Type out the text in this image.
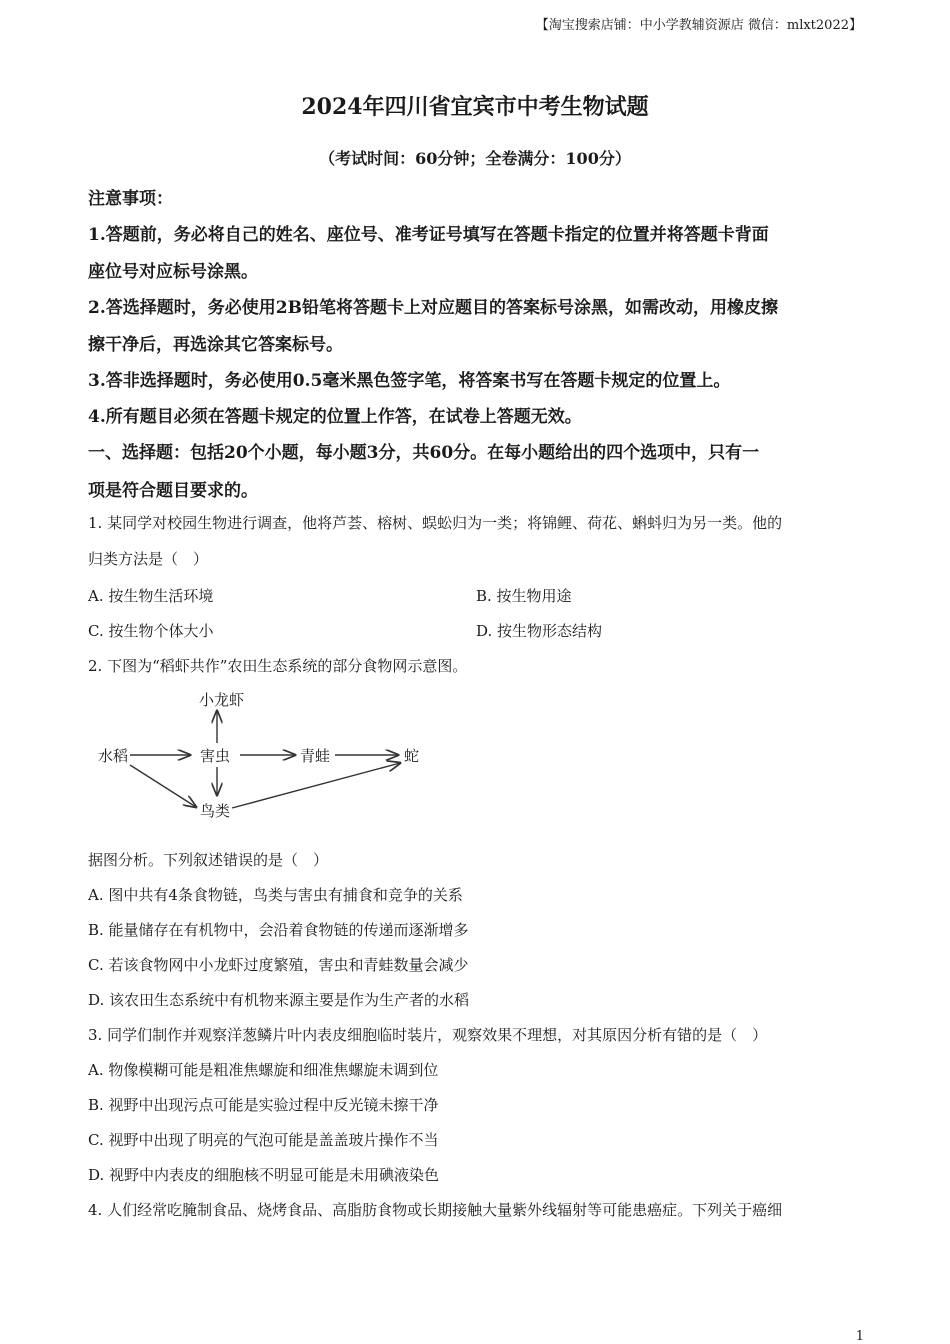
【淘宝搜索店铺：中小学教辅资源店 微信：mlxt2022】
2024年四川省宜宾市中考生物试题
（考试时间：60分钟；全卷满分：100分）
注意事项：
1.答题前，务必将自己的姓名、座位号、准考证号填写在答题卡指定的位置并将答题卡背面
座位号对应标号涂黑。
2.答选择题时，务必使用2B铅笔将答题卡上对应题目的答案标号涂黑，如需改动，用橡皮擦
擦干净后，再选涂其它答案标号。
3.答非选择题时，务必使用0.5毫米黑色签字笔，将答案书写在答题卡规定的位置上。
4.所有题目必须在答题卡规定的位置上作答，在试卷上答题无效。
一、选择题：包括20个小题，每小题3分，共60分。在每小题给出的四个选项中，只有一
项是符合题目要求的。
1. 某同学对校园生物进行调查，他将芦荟、榕树、蜈蚣归为一类；将锦鲤、荷花、蝌蚪归为另一类。他的
归类方法是（　）
A. 按生物生活环境	B. 按生物用途
C. 按生物个体大小	D. 按生物形态结构
2. 下图为“稻虾共作”农田生态系统的部分食物网示意图。
水稻	害虫
小龙虾
青蛙	蛇
鸟类
据图分析。下列叙述错误的是（　）
A. 图中共有4条食物链，鸟类与害虫有捕食和竞争的关系
B. 能量储存在有机物中，会沿着食物链的传递而逐渐增多
C. 若该食物网中小龙虾过度繁殖，害虫和青蛙数量会减少
D. 该农田生态系统中有机物来源主要是作为生产者的水稻
3. 同学们制作并观察洋葱鳞片叶内表皮细胞临时装片，观察效果不理想，对其原因分析有错的是（　）
A. 物像模糊可能是粗准焦螺旋和细准焦螺旋未调到位
B. 视野中出现污点可能是实验过程中反光镜未擦干净
C. 视野中出现了明亮的气泡可能是盖盖玻片操作不当
D. 视野中内表皮的细胞核不明显可能是未用碘液染色
4. 人们经常吃腌制食品、烧烤食品、高脂肪食物或长期接触大量紫外线辐射等可能患癌症。下列关于癌细
1
